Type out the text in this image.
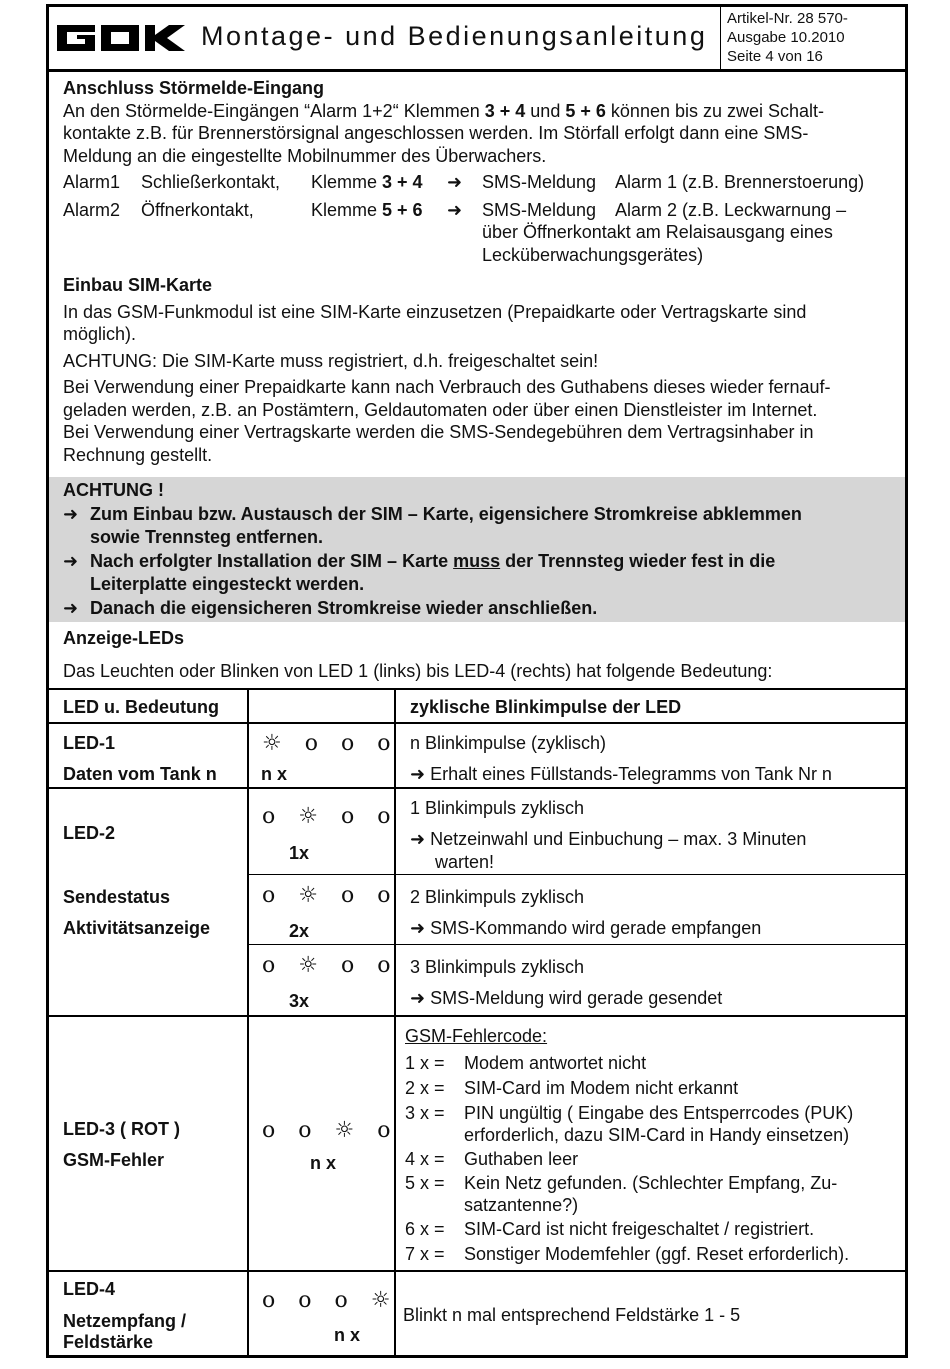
Montage- und Bedienungsanleitung
Artikel-Nr. 28 570-
Ausgabe 10.2010
Seite 4 von 16

Anschluss Störmelde-Eingang

An den Störmelde-Eingängen “Alarm 1+2“ Klemmen 3 + 4 und 5 + 6 können bis zu zwei Schalt-
kontakte z.B. für Brennerstörsignal angeschlossen werden. Im Störfall erfolgt dann eine SMS-
Meldung an die eingestellte Mobilnummer des Überwachers.

Alarm1 Schließerkontakt, Klemme 3 + 4 ➜ SMS-Meldung Alarm 1 (z.B. Brennerstoerung)
Alarm2 Öffnerkontakt,	Klemme 5 + 6 ➜ SMS-Meldung Alarm 2 (z.B. Leckwarnung –

über Öffnerkontakt am Relaisausgang eines
Lecküberwachungsgerätes)

Einbau SIM-Karte

In das GSM-Funkmodul ist eine SIM-Karte einzusetzen (Prepaidkarte oder Vertragskarte sind
möglich).

ACHTUNG: Die SIM-Karte muss registriert, d.h. freigeschaltet sein!

Bei Verwendung einer Prepaidkarte kann nach Verbrauch des Guthabens dieses wieder fernauf-
geladen werden, z.B. an Postämtern, Geldautomaten oder über einen Dienstleister im Internet.
Bei Verwendung einer Vertragskarte werden die SMS-Sendegebühren dem Vertragsinhaber in
Rechnung gestellt.

ACHTUNG !
➜ Zum Einbau bzw. Austausch der SIM – Karte, eigensichere Stromkreise abklemmen
sowie Trennsteg entfernen.
➜ Nach erfolgter Installation der SIM – Karte muss der Trennsteg wieder fest in die
Leiterplatte eingesteckt werden.
➜ Danach die eigensicheren Stromkreise wieder anschließen.

Anzeige-LEDs

Das Leuchten oder Blinken von LED 1 (links) bis LED-4 (rechts) hat folgende Bedeutung:

LED u. Bedeutung	zyklische Blinkimpulse der LED
LED-1
Daten vom Tank n
☼ o o o
n x
n Blinkimpulse (zyklisch)
➜ Erhalt eines Füllstands-Telegramms von Tank Nr n
LED-2
Sendestatus
Aktivitätsanzeige
o ☼ o o
1x
1 Blinkimpuls zyklisch
➜ Netzeinwahl und Einbuchung – max. 3 Minuten
warten!
o ☼ o o
2x
2 Blinkimpuls zyklisch
➜ SMS-Kommando wird gerade empfangen
o ☼ o o
3x
3 Blinkimpuls zyklisch
➜ SMS-Meldung wird gerade gesendet
LED-3 ( ROT )
GSM-Fehler
o o ☼ o
n x
GSM-Fehlercode:
1 x = Modem antwortet nicht
2 x = SIM-Card im Modem nicht erkannt
3 x = PIN ungültig ( Eingabe des Entsperrcodes (PUK) erforderlich, dazu SIM-Card in Handy einsetzen)
4 x = Guthaben leer
5 x = Kein Netz gefunden. (Schlechter Empfang, Zu-satzantenne?)
6 x = SIM-Card ist nicht freigeschaltet / registriert.
7 x = Sonstiger Modemfehler (ggf. Reset erforderlich).
LED-4
Netzempfang /
Feldstärke
o o o ☼
n x
Blinkt n mal entsprechend Feldstärke 1 - 5
